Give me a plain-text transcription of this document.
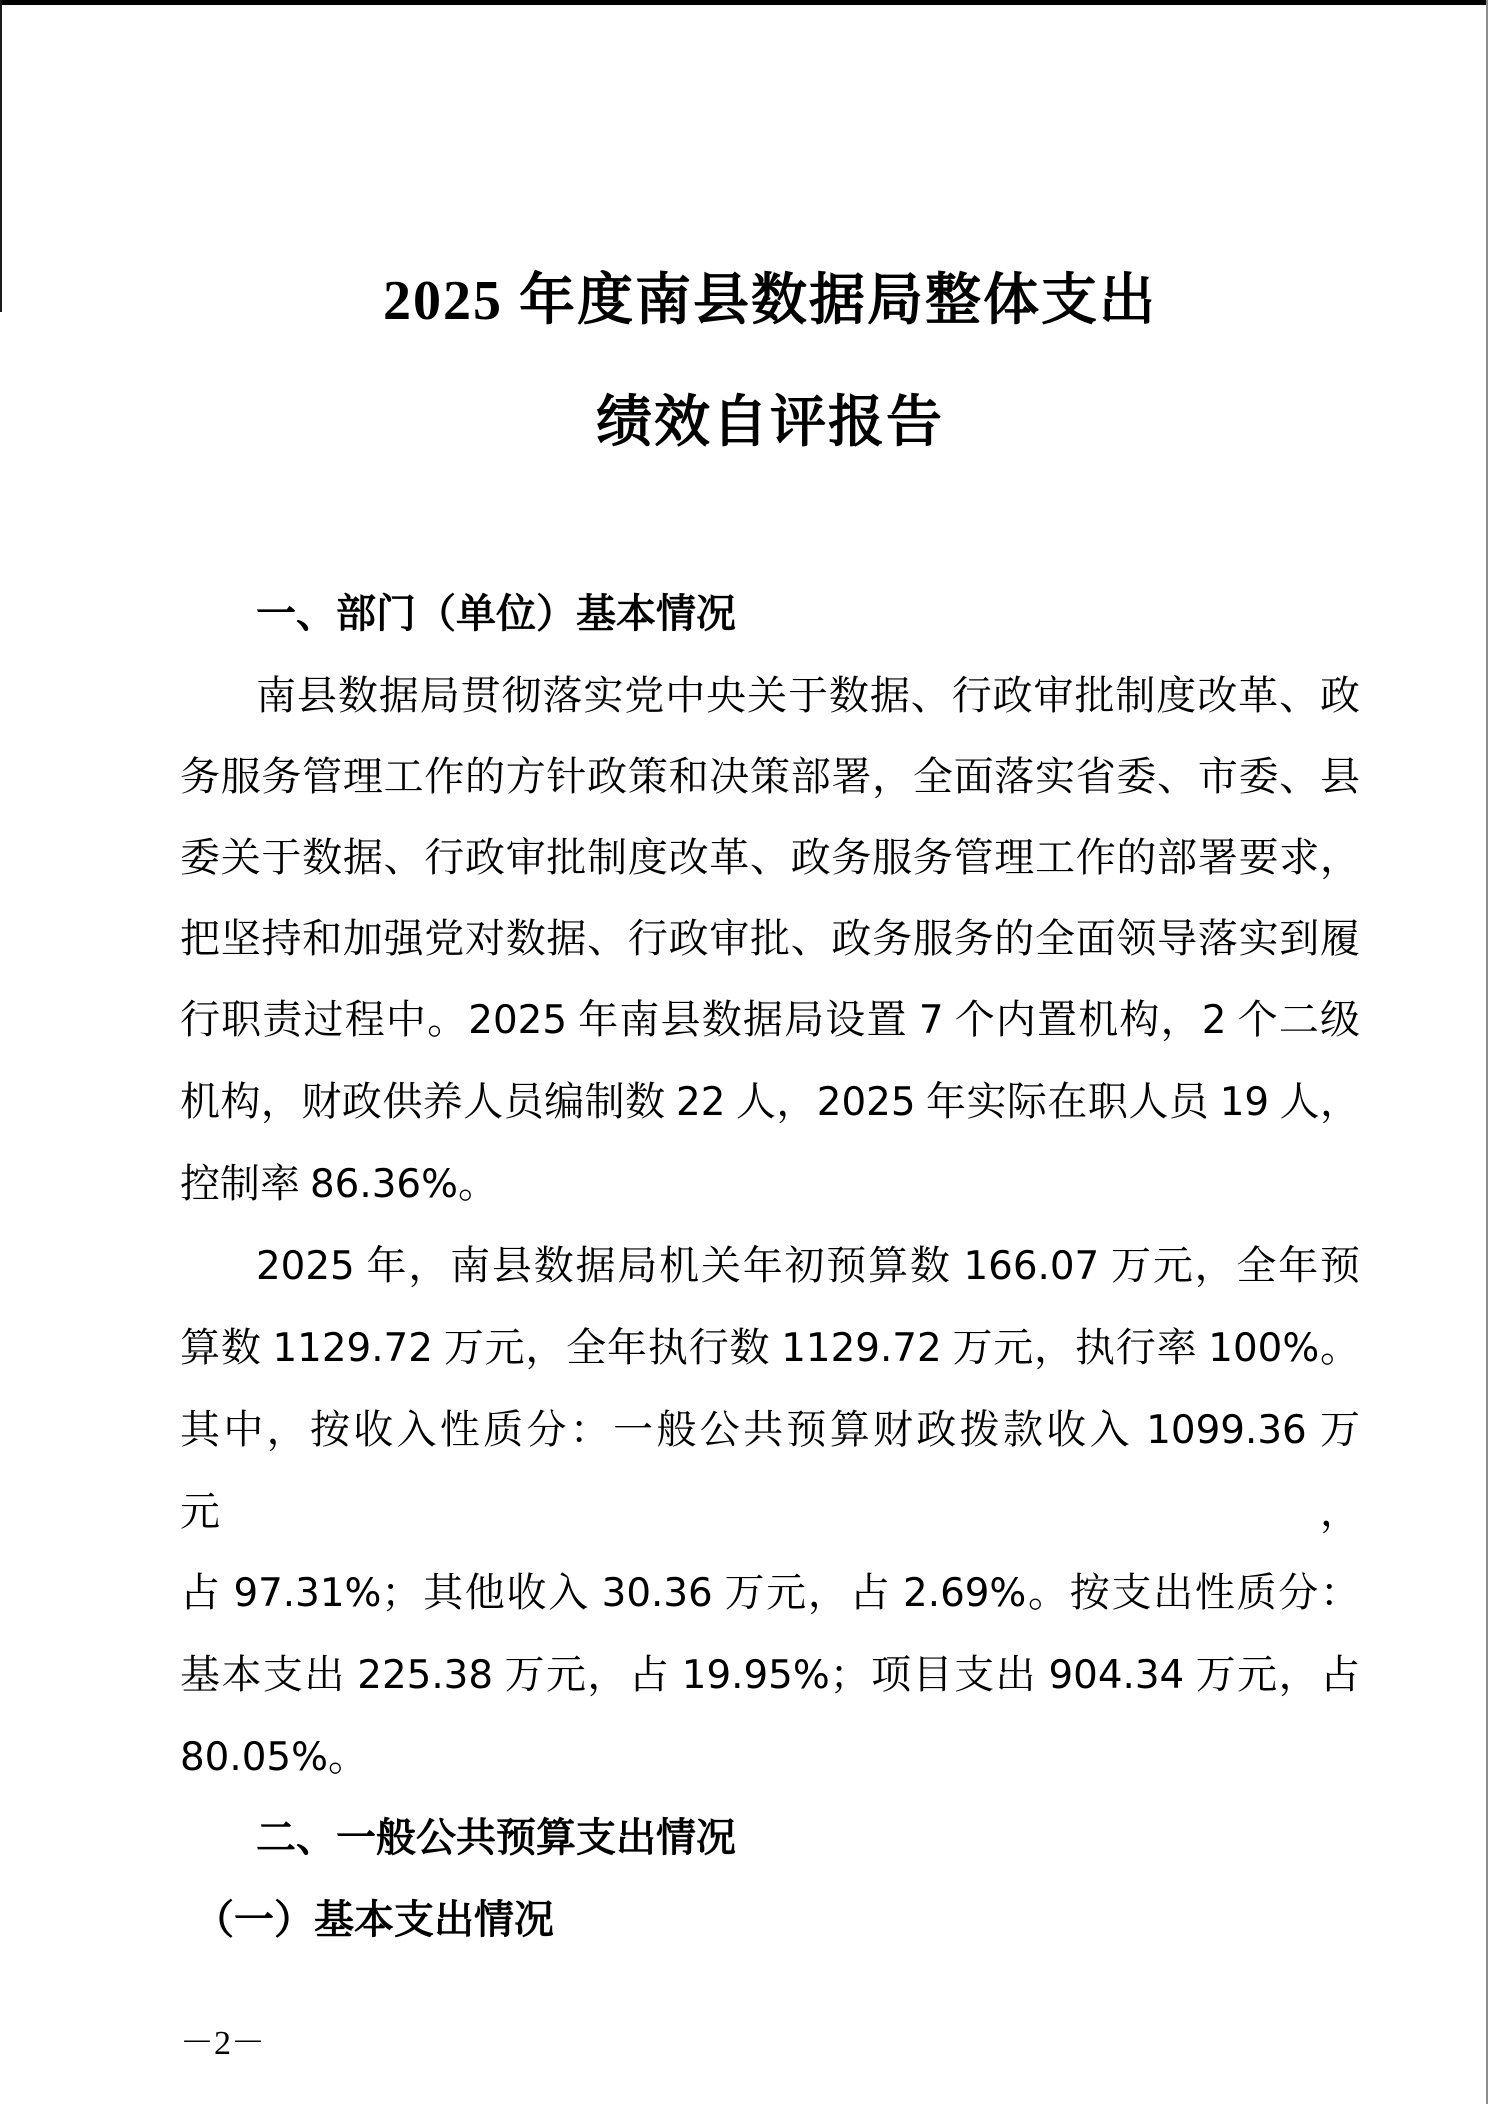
2025 年度南县数据局整体支出
绩效自评报告
一、部门（单位）基本情况
南县数据局贯彻落实党中央关于数据、行政审批制度改革、政
务服务管理工作的方针政策和决策部署，全面落实省委、市委、县
委关于数据、行政审批制度改革、政务服务管理工作的部署要求，
把坚持和加强党对数据、行政审批、政务服务的全面领导落实到履
行职责过程中。2025 年南县数据局设置 7 个内置机构，2 个二级
机构，财政供养人员编制数 22 人，2025 年实际在职人员 19 人，
控制率 86.36%。
2025 年，南县数据局机关年初预算数 166.07 万元，全年预
算数 1129.72 万元，全年执行数 1129.72 万元，执行率 100%。
其中，按收入性质分：一般公共预算财政拨款收入 1099.36 万元，
占 97.31%；其他收入 30.36 万元，占 2.69%。按支出性质分：
基本支出 225.38 万元，占 19.95%；项目支出 904.34 万元，占
80.05%。
二、一般公共预算支出情况
（一）基本支出情况
－2－
